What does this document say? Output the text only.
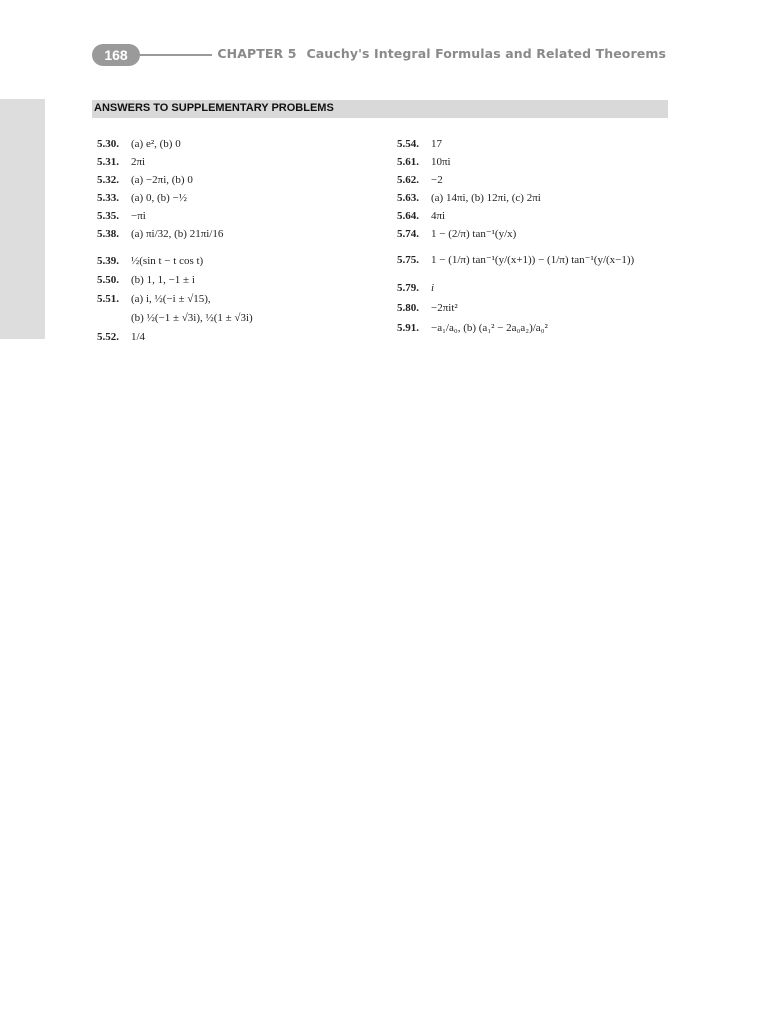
168	CHAPTER 5 Cauchy's Integral Formulas and Related Theorems
ANSWERS TO SUPPLEMENTARY PROBLEMS
5.30. (a) e², (b) 0
5.31. 2πi
5.32. (a) −2πi, (b) 0
5.33. (a) 0, (b) −½
5.35. −πi
5.38. (a) πi/32, (b) 21πi/16
5.39. ½(sin t − t cos t)
5.50. (b) 1, 1, −1 ± i
5.51. (a) i, ½(−i ± √15),
(b) ½(−1 ± √3i), ½(1 ± √3i)
5.52. 1/4
5.54. 17
5.61. 10πi
5.62. −2
5.63. (a) 14πi, (b) 12πi, (c) 2πi
5.64. 4πi
5.74. 1 − (2/π) tan⁻¹(y/x)
5.75. 1 − (1/π) tan⁻¹(y/(x+1)) − (1/π) tan⁻¹(y/(x−1))
5.79. i
5.80. −2πit²
5.91. −a₁/a₀, (b) (a₁² − 2a₀a₂)/a₀²
